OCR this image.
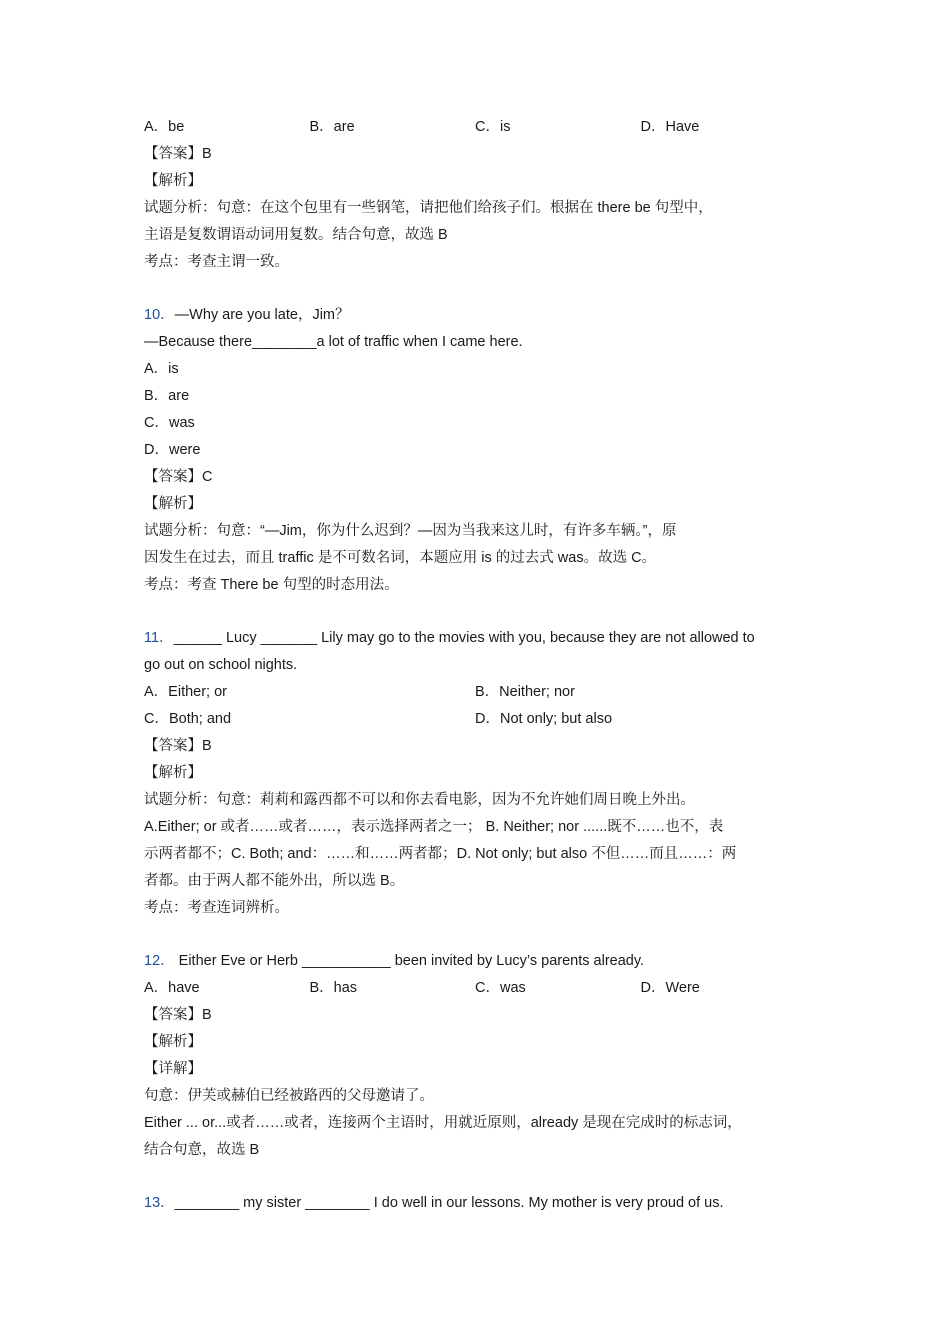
A．be	B．are	C．is	D．Have
【答案】B
【解析】
试题分析：句意：在这个包里有一些钢笔，请把他们给孩子们。根据在 there be 句型中，
主语是复数谓语动词用复数。结合句意，故选 B
考点：考查主谓一致。
10．—Why are you late，Jim？
—Because there________a lot of traffic when I came here.
A．is
B．are
C．was
D．were
【答案】C
【解析】
试题分析：句意：“—Jim，你为什么迟到？—因为当我来这儿时，有许多车辆。”，原
因发生在过去，而且 traffic 是不可数名词，本题应用 is 的过去式 was。故选 C。
考点：考查 There be 句型的时态用法。
11．______ Lucy _______ Lily may go to the movies with you, because they are not allowed to
go out on school nights.
A．Either; or	B．Neither; nor
C．Both; and	D．Not only; but also
【答案】B
【解析】
试题分析：句意：莉莉和露西都不可以和你去看电影，因为不允许她们周日晚上外出。
A.Either; or 或者……或者……，表示选择两者之一； B. Neither; nor ......既不……也不，表
示两者都不；C. Both; and：……和……两者都；D. Not only; but also 不但……而且……：两
者都。由于两人都不能外出，所以选 B。
考点：考查连词辨析。
12． Either Eve or Herb ___________ been invited by Lucy’s parents already.
A．have	B．has	C．was	D．Were
【答案】B
【解析】
【详解】
句意：伊芙或赫伯已经被路西的父母邀请了。
Either ... or...或者……或者，连接两个主语时，用就近原则，already 是现在完成时的标志词，
结合句意，故选 B
13．________ my sister ________ I do well in our lessons. My mother is very proud of us.
